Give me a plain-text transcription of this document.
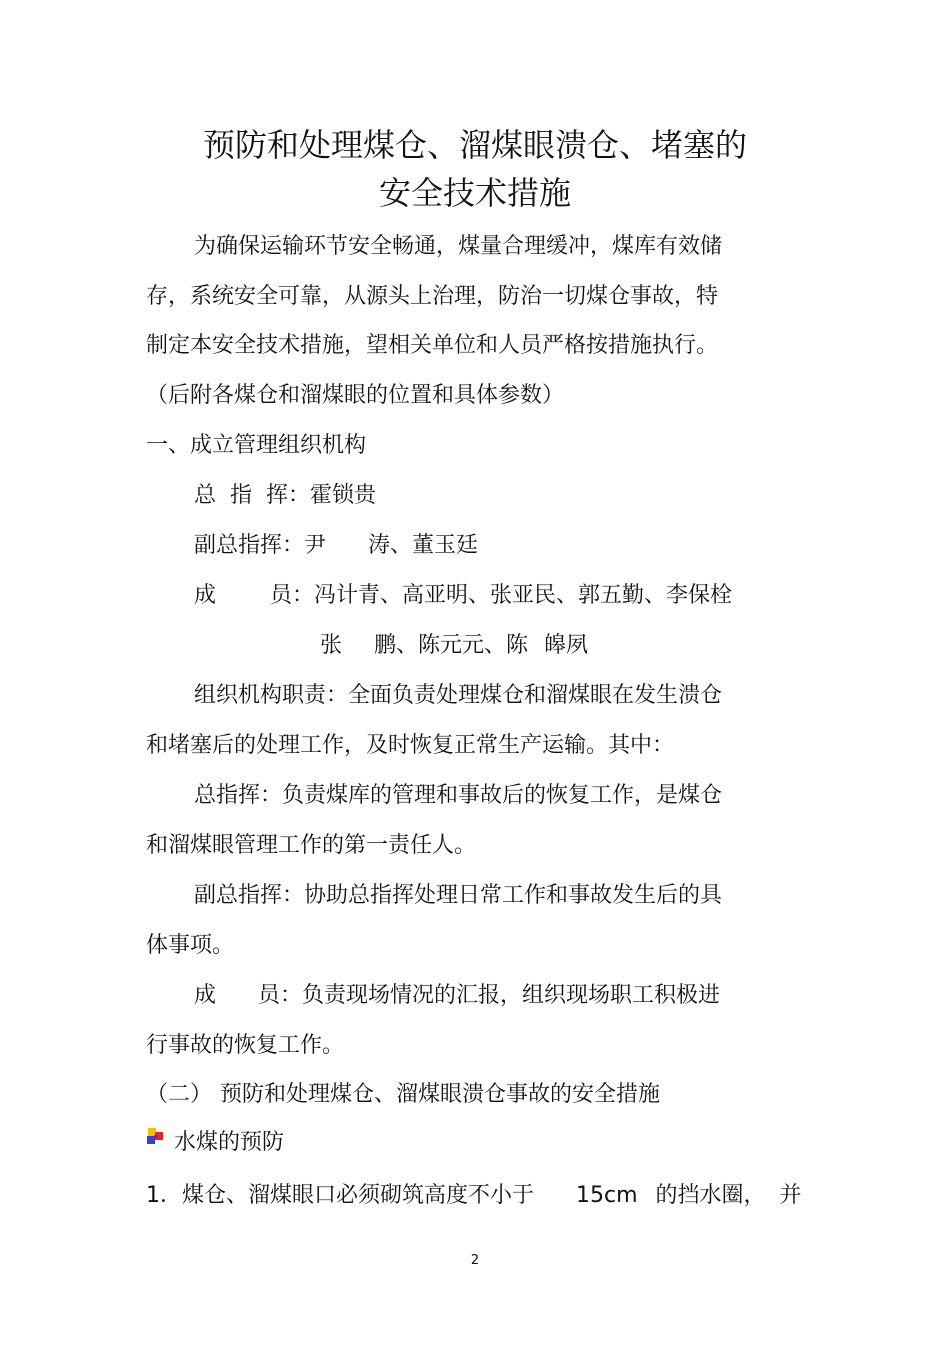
预防和处理煤仓、溜煤眼溃仓、堵塞的
安全技术措施
为确保运输环节安全畅通，煤量合理缓冲，煤库有效储
存，系统安全可靠，从源头上治理，防治一切煤仓事故，特
制定本安全技术措施，望相关单位和人员严格按措施执行。
（后附各煤仓和溜煤眼的位置和具体参数）
一、成立管理组织机构
总  指  挥：霍锁贵
副总指挥：尹 涛、董玉廷
成 员：冯计青、高亚明、张亚民、郭五勤、李保栓
张 鹏、陈元元、陈 皞夙
组织机构职责：全面负责处理煤仓和溜煤眼在发生溃仓
和堵塞后的处理工作，及时恢复正常生产运输。其中：
总指挥：负责煤库的管理和事故后的恢复工作，是煤仓
和溜煤眼管理工作的第一责任人。
副总指挥：协助总指挥处理日常工作和事故发生后的具
体事项。
成 员：负责现场情况的汇报，组织现场职工积极进
行事故的恢复工作。
（二） 预防和处理煤仓、溜煤眼溃仓事故的安全措施
水煤的预防
1．煤仓、溜煤眼口必须砌筑高度不小于 15cm 的挡水圈， 并
2
